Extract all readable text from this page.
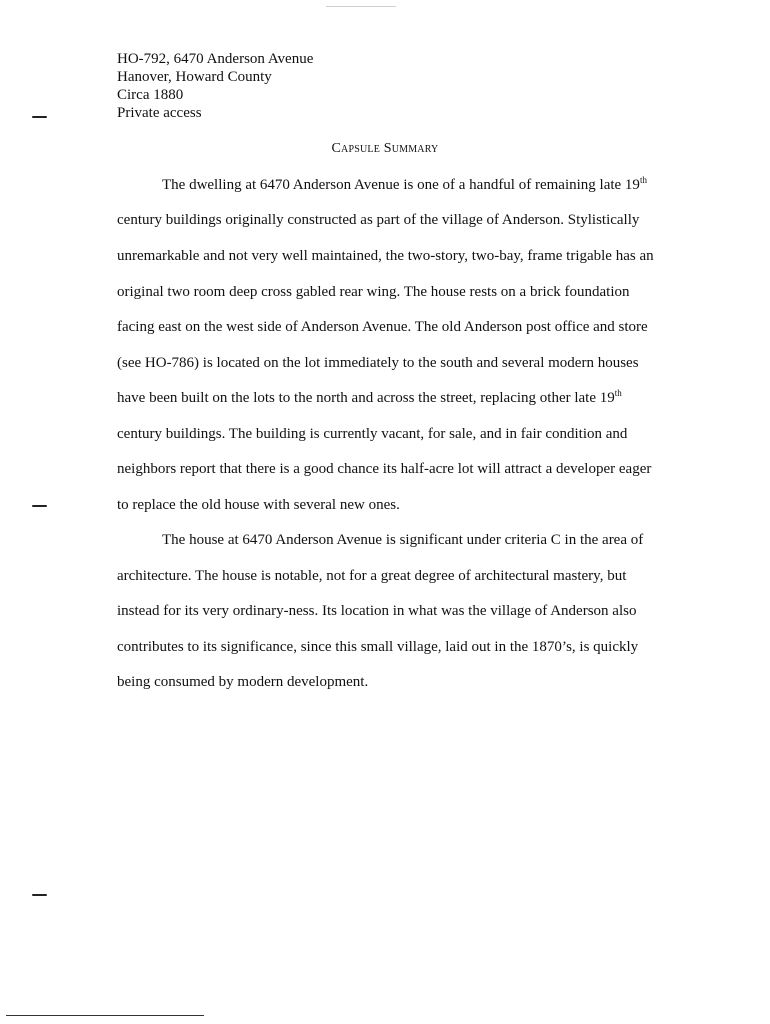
HO-792, 6470 Anderson Avenue
Hanover, Howard County
Circa 1880
Private access
Capsule Summary
The dwelling at 6470 Anderson Avenue is one of a handful of remaining late 19th
century buildings originally constructed as part of the village of Anderson. Stylistically
unremarkable and not very well maintained, the two-story, two-bay, frame trigable has an
original two room deep cross gabled rear wing. The house rests on a brick foundation
facing east on the west side of Anderson Avenue. The old Anderson post office and store
(see HO-786) is located on the lot immediately to the south and several modern houses
have been built on the lots to the north and across the street, replacing other late 19th
century buildings. The building is currently vacant, for sale, and in fair condition and
neighbors report that there is a good chance its half-acre lot will attract a developer eager
to replace the old house with several new ones.
The house at 6470 Anderson Avenue is significant under criteria C in the area of
architecture. The house is notable, not for a great degree of architectural mastery, but
instead for its very ordinary-ness. Its location in what was the village of Anderson also
contributes to its significance, since this small village, laid out in the 1870’s, is quickly
being consumed by modern development.
